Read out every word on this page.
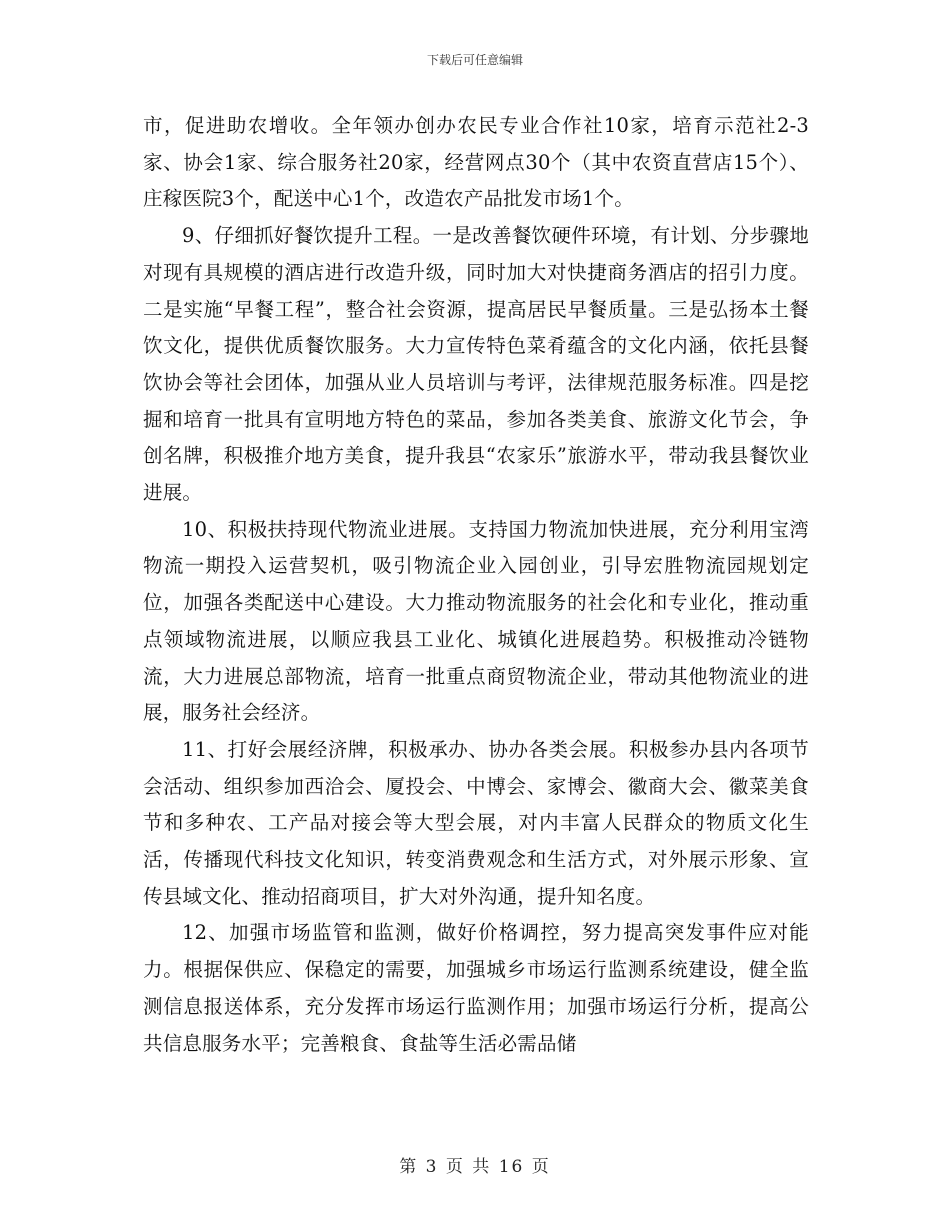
下载后可任意编辑

市，促进助农增收。全年领办创办农民专业合作社10家，培育示范社2-3家、协会1家、综合服务社20家，经营网点30个（其中农资直营店15个）、庄稼医院3个，配送中心1个，改造农产品批发市场1个。

9、仔细抓好餐饮提升工程。一是改善餐饮硬件环境，有计划、分步骤地对现有具规模的酒店进行改造升级，同时加大对快捷商务酒店的招引力度。二是实施“早餐工程”，整合社会资源，提高居民早餐质量。三是弘扬本土餐饮文化，提供优质餐饮服务。大力宣传特色菜肴蕴含的文化内涵，依托县餐饮协会等社会团体，加强从业人员培训与考评，法律规范服务标准。四是挖掘和培育一批具有宣明地方特色的菜品，参加各类美食、旅游文化节会，争创名牌，积极推介地方美食，提升我县“农家乐”旅游水平，带动我县餐饮业进展。

10、积极扶持现代物流业进展。支持国力物流加快进展，充分利用宝湾物流一期投入运营契机，吸引物流企业入园创业，引导宏胜物流园规划定位，加强各类配送中心建设。大力推动物流服务的社会化和专业化，推动重点领域物流进展，以顺应我县工业化、城镇化进展趋势。积极推动冷链物流，大力进展总部物流，培育一批重点商贸物流企业，带动其他物流业的进展，服务社会经济。

11、打好会展经济牌，积极承办、协办各类会展。积极参办县内各项节会活动、组织参加西洽会、厦投会、中博会、家博会、徽商大会、徽菜美食节和多种农、工产品对接会等大型会展，对内丰富人民群众的物质文化生活，传播现代科技文化知识，转变消费观念和生活方式，对外展示形象、宣传县域文化、推动招商项目，扩大对外沟通，提升知名度。

12、加强市场监管和监测，做好价格调控，努力提高突发事件应对能力。根据保供应、保稳定的需要，加强城乡市场运行监测系统建设，健全监测信息报送体系，充分发挥市场运行监测作用；加强市场运行分析，提高公共信息服务水平；完善粮食、食盐等生活必需品储

第 3 页 共 16 页
